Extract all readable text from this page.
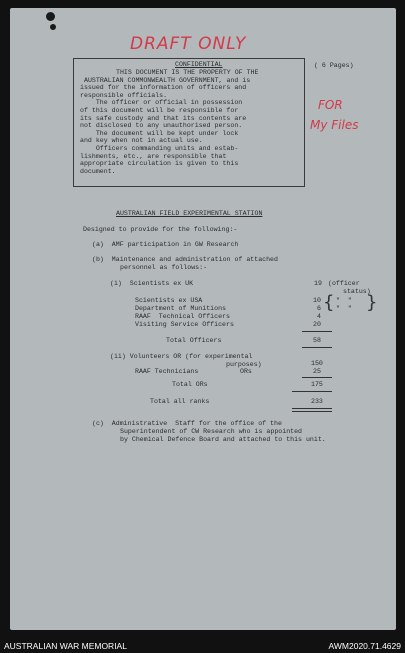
DRAFT ONLY
FOR
My Files
( 6 Pages)
CONFIDENTIAL
THIS DOCUMENT IS THE PROPERTY OF THE
AUSTRALIAN COMMONWEALTH GOVERNMENT, and is
issued for the information of officers and
responsible officials.
The officer or official in possession
of this document will be responsible for
its safe custody and that its contents are
not disclosed to any unauthorised person.
The document will be kept under lock
and key when not in actual use.
Officers commanding units and estab-
lishments, etc., are responsible that
appropriate circulation is given to this
document.
AUSTRALIAN FIELD EXPERIMENTAL STATION
Designed to provide for the following:-
(a)  AMF participation in GW Research
(b)  Maintenance and administration of attached
personnel as follows:-
(i)  Scientists ex UK	19 (officer
status)
Scientists ex USA	10
Department of Munitions	6
RAAF  Technical Officers	4
Visiting Service Officers	20
{ "  "
"  " }
Total Officers	58
(ii) Volunteers OR (for experimental
purposes)	150
RAAF Technicians	ORs	25
Total ORs	175
Total all ranks	233
(c)  Administrative  Staff for the office of the
Superintendent of CW Research who is appointed
by Chemical Defence Board and attached to this unit.
AUSTRALIAN WAR MEMORIAL	AWM2020.71.4629
